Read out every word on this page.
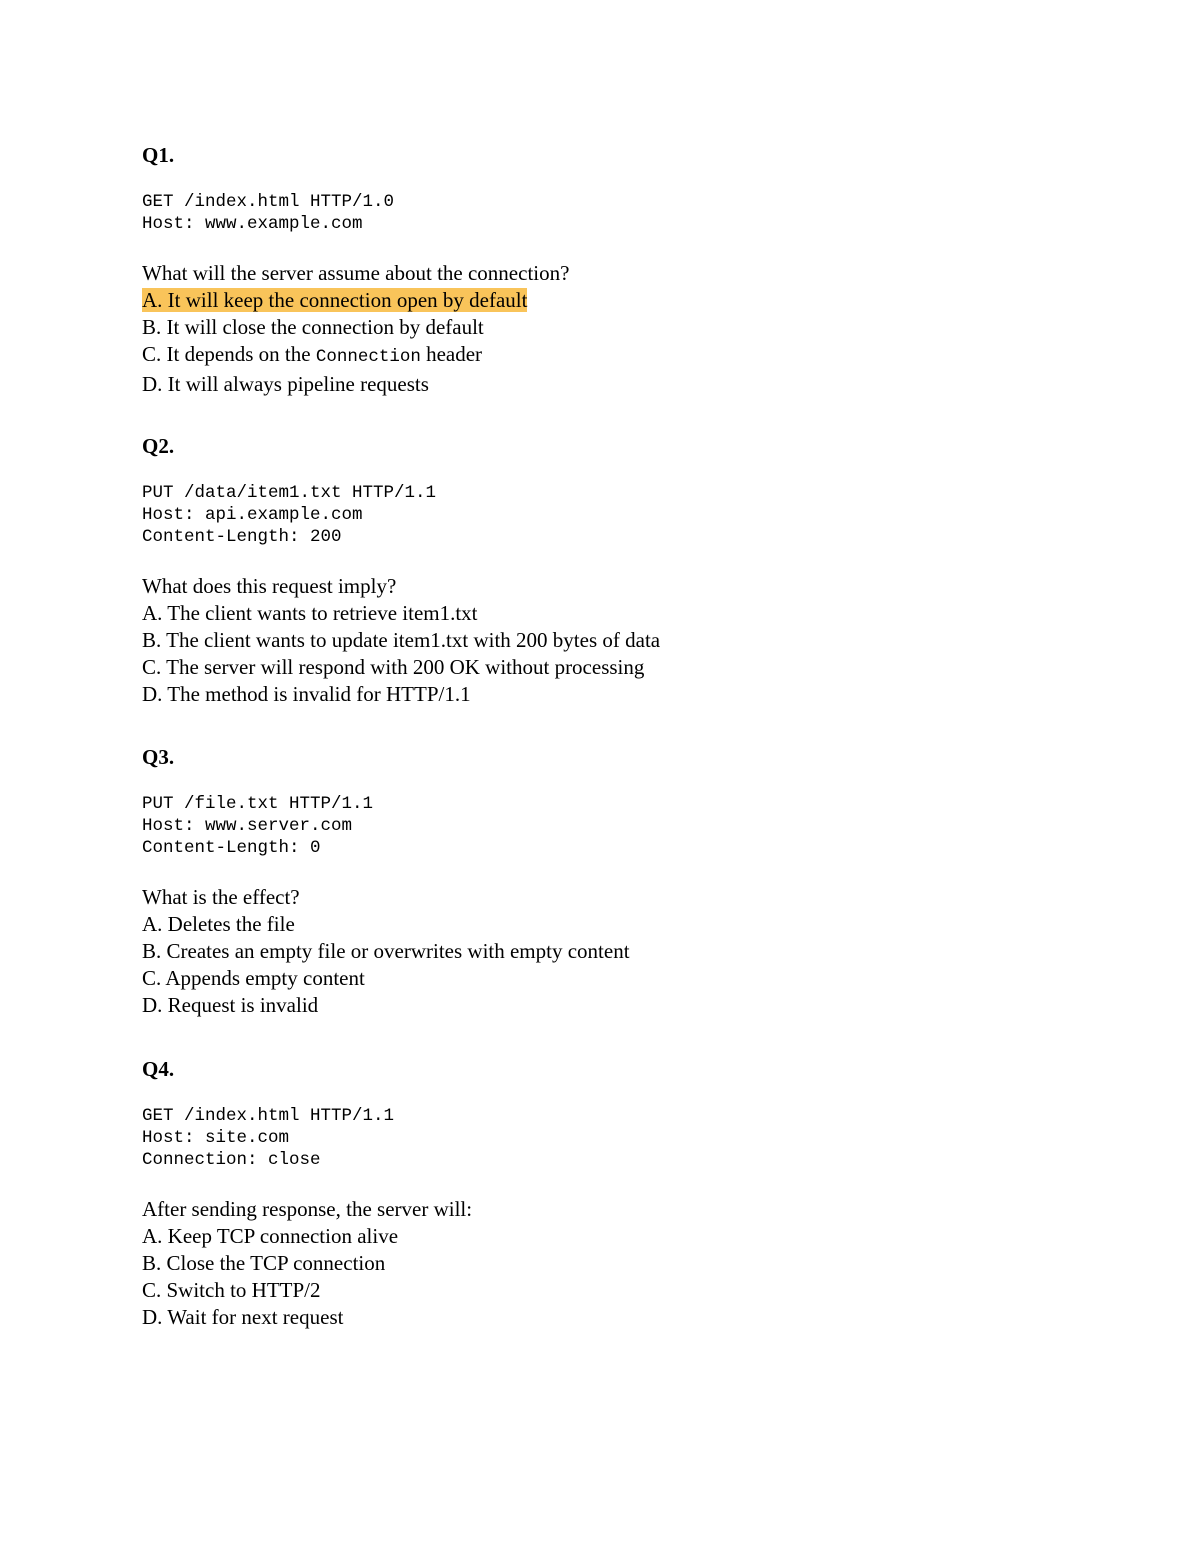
Q1.
GET /index.html HTTP/1.0
Host: www.example.com

What will the server assume about the connection?

A. It will keep the connection open by default
B. It will close the connection by default
C. It depends on the Connection header
D. It will always pipeline requests
Q2.
PUT /data/item1.txt HTTP/1.1
Host: api.example.com
Content-Length: 200

What does this request imply?

A. The client wants to retrieve item1.txt
B. The client wants to update item1.txt with 200 bytes of data
C. The server will respond with 200 OK without processing
D. The method is invalid for HTTP/1.1
Q3.
PUT /file.txt HTTP/1.1
Host: www.server.com
Content-Length: 0

What is the effect?

A. Deletes the file
B. Creates an empty file or overwrites with empty content
C. Appends empty content
D. Request is invalid
Q4.
GET /index.html HTTP/1.1
Host: site.com
Connection: close

After sending response, the server will:

A. Keep TCP connection alive
B. Close the TCP connection
C. Switch to HTTP/2
D. Wait for next request
